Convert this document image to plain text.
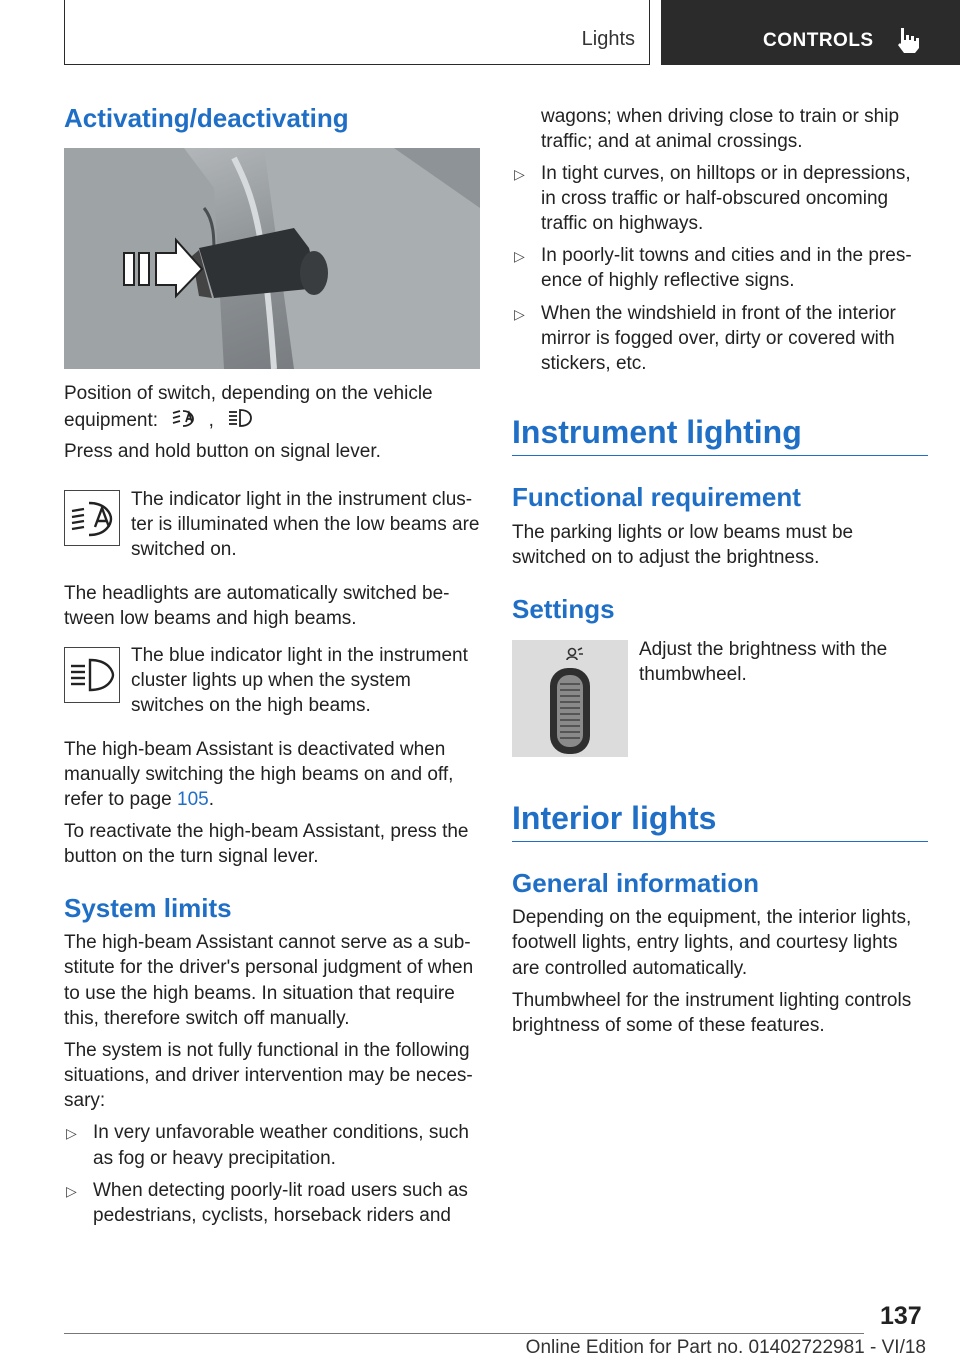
Lights	CONTROLS
Activating/deactivating
Position of switch, depending on the vehicle
equipment:	,
Press and hold button on signal lever.
The indicator light in the instrument clus-
ter is illuminated when the low beams are
switched on.
The headlights are automatically switched be-
tween low beams and high beams.
The blue indicator light in the instrument
cluster lights up when the system
switches on the high beams.
The high-beam Assistant is deactivated when
manually switching the high beams on and off,
refer to page 105.
To reactivate the high-beam Assistant, press the
button on the turn signal lever.
System limits
The high-beam Assistant cannot serve as a sub-
stitute for the driver's personal judgment of when
to use the high beams. In situation that require
this, therefore switch off manually.
The system is not fully functional in the following
situations, and driver intervention may be neces-
sary:
▷ In very unfavorable weather conditions, such
as fog or heavy precipitation.
▷ When detecting poorly-lit road users such as
pedestrians, cyclists, horseback riders and
wagons; when driving close to train or ship
traffic; and at animal crossings.
▷ In tight curves, on hilltops or in depressions,
in cross traffic or half-obscured oncoming
traffic on highways.
▷ In poorly-lit towns and cities and in the pres-
ence of highly reflective signs.
▷ When the windshield in front of the interior
mirror is fogged over, dirty or covered with
stickers, etc.
Instrument lighting
Functional requirement
The parking lights or low beams must be
switched on to adjust the brightness.
Settings
Adjust the brightness with the
thumbwheel.
Interior lights
General information
Depending on the equipment, the interior lights,
footwell lights, entry lights, and courtesy lights
are controlled automatically.
Thumbwheel for the instrument lighting controls
brightness of some of these features.
137
Online Edition for Part no. 01402722981 - VI/18
